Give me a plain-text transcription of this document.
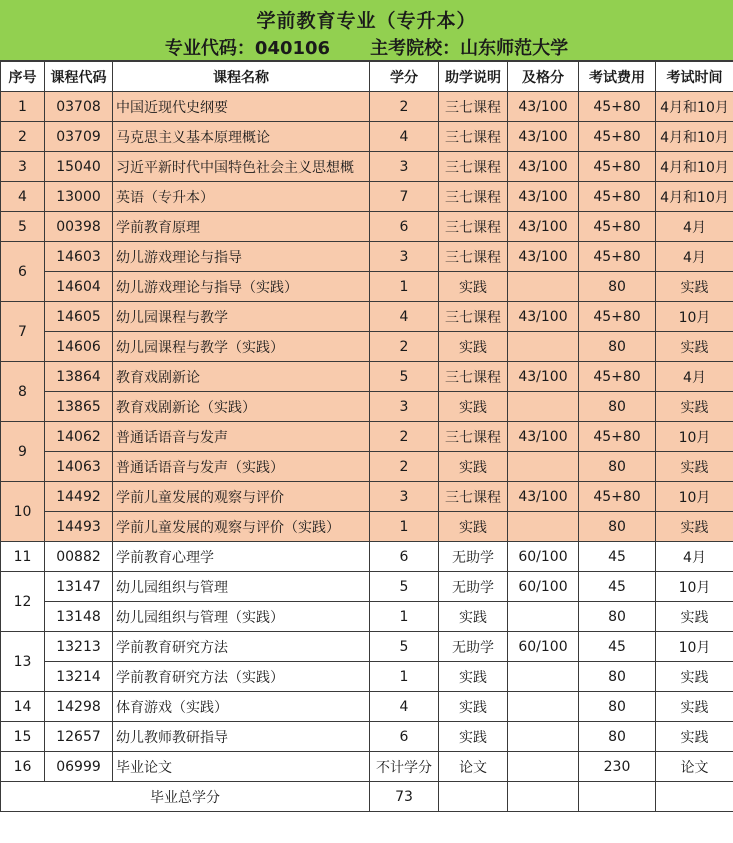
学前教育专业（专升本）
专业代码：040106 主考院校：山东师范大学
序号	课程代码	课程名称	学分	助学说明	及格分	考试费用	考试时间
1	03708	中国近现代史纲要	2	三七课程	43/100	45+80	4月和10月
2	03709	马克思主义基本原理概论	4	三七课程	43/100	45+80	4月和10月
3	15040	习近平新时代中国特色社会主义思想概	3	三七课程	43/100	45+80	4月和10月
4	13000	英语（专升本）	7	三七课程	43/100	45+80	4月和10月
5	00398	学前教育原理	6	三七课程	43/100	45+80	4月
6	14603	幼儿游戏理论与指导	3	三七课程	43/100	45+80	4月
	14604	幼儿游戏理论与指导（实践）	1	实践		80	实践
7	14605	幼儿园课程与教学	4	三七课程	43/100	45+80	10月
	14606	幼儿园课程与教学（实践）	2	实践		80	实践
8	13864	教育戏剧新论	5	三七课程	43/100	45+80	4月
	13865	教育戏剧新论（实践）	3	实践		80	实践
9	14062	普通话语音与发声	2	三七课程	43/100	45+80	10月
	14063	普通话语音与发声（实践）	2	实践		80	实践
10	14492	学前儿童发展的观察与评价	3	三七课程	43/100	45+80	10月
	14493	学前儿童发展的观察与评价（实践）	1	实践		80	实践
11	00882	学前教育心理学	6	无助学	60/100	45	4月
12	13147	幼儿园组织与管理	5	无助学	60/100	45	10月
	13148	幼儿园组织与管理（实践）	1	实践		80	实践
13	13213	学前教育研究方法	5	无助学	60/100	45	10月
	13214	学前教育研究方法（实践）	1	实践		80	实践
14	14298	体育游戏（实践）	4	实践		80	实践
15	12657	幼儿教师教研指导	6	实践		80	实践
16	06999	毕业论文	不计学分	论文		230	论文
毕业总学分			73				
